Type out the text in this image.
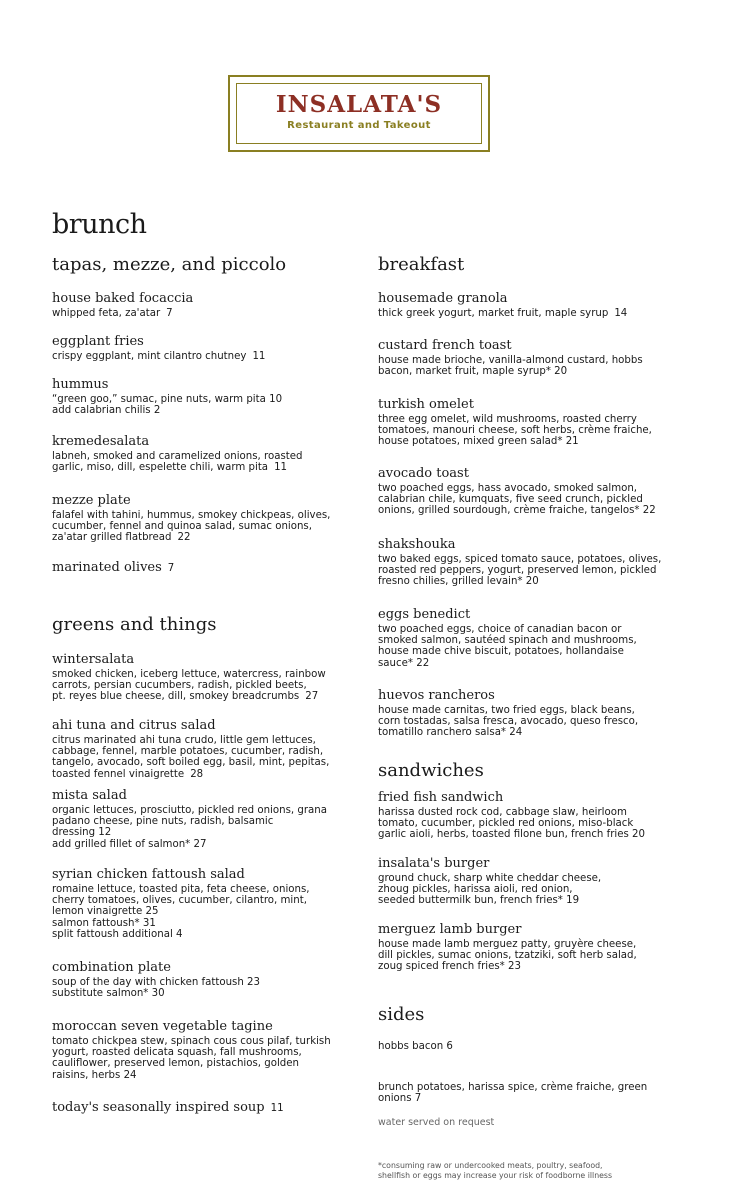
INSALATA'S
Restaurant and Takeout
brunch
tapas, mezze, and piccolo
house baked focaccia
whipped feta, za'atar 7
eggplant fries
crispy eggplant, mint cilantro chutney 11
hummus
“green goo,” sumac, pine nuts, warm pita 10
add calabrian chilis 2
kremedesalata
labneh, smoked and caramelized onions, roasted
garlic, miso, dill, espelette chili, warm pita 11
mezze plate
falafel with tahini, hummus, smokey chickpeas, olives,
cucumber, fennel and quinoa salad, sumac onions,
za'atar grilled flatbread 22
marinated olives 7
greens and things
wintersalata
smoked chicken, iceberg lettuce, watercress, rainbow
carrots, persian cucumbers, radish, pickled beets,
pt. reyes blue cheese, dill, smokey breadcrumbs 27
ahi tuna and citrus salad
citrus marinated ahi tuna crudo, little gem lettuces,
cabbage, fennel, marble potatoes, cucumber, radish,
tangelo, avocado, soft boiled egg, basil, mint, pepitas,
toasted fennel vinaigrette 28
mista salad
organic lettuces, prosciutto, pickled red onions, grana
padano cheese, pine nuts, radish, balsamic
dressing 12
add grilled fillet of salmon* 27
syrian chicken fattoush salad
romaine lettuce, toasted pita, feta cheese, onions,
cherry tomatoes, olives, cucumber, cilantro, mint,
lemon vinaigrette 25
salmon fattoush* 31
split fattoush additional 4
combination plate
soup of the day with chicken fattoush 23
substitute salmon* 30
moroccan seven vegetable tagine
tomato chickpea stew, spinach cous cous pilaf, turkish
yogurt, roasted delicata squash, fall mushrooms,
cauliflower, preserved lemon, pistachios, golden
raisins, herbs 24
today's seasonally inspired soup 11
breakfast
housemade granola
thick greek yogurt, market fruit, maple syrup 14
custard french toast
house made brioche, vanilla-almond custard, hobbs
bacon, market fruit, maple syrup* 20
turkish omelet
three egg omelet, wild mushrooms, roasted cherry
tomatoes, manouri cheese, soft herbs, crème fraiche,
house potatoes, mixed green salad* 21
avocado toast
two poached eggs, hass avocado, smoked salmon,
calabrian chile, kumquats, five seed crunch, pickled
onions, grilled sourdough, crème fraiche, tangelos* 22
shakshouka
two baked eggs, spiced tomato sauce, potatoes, olives,
roasted red peppers, yogurt, preserved lemon, pickled
fresno chilies, grilled levain* 20
eggs benedict
two poached eggs, choice of canadian bacon or
smoked salmon, sautéed spinach and mushrooms,
house made chive biscuit, potatoes, hollandaise
sauce* 22
huevos rancheros
house made carnitas, two fried eggs, black beans,
corn tostadas, salsa fresca, avocado, queso fresco,
tomatillo ranchero salsa* 24
sandwiches
fried fish sandwich
harissa dusted rock cod, cabbage slaw, heirloom
tomato, cucumber, pickled red onions, miso-black
garlic aioli, herbs, toasted filone bun, french fries 20
insalata's burger
ground chuck, sharp white cheddar cheese,
zhoug pickles, harissa aioli, red onion,
seeded buttermilk bun, french fries* 19
merguez lamb burger
house made lamb merguez patty, gruyère cheese,
dill pickles, sumac onions, tzatziki, soft herb salad,
zoug spiced french fries* 23
sides
hobbs bacon 6
brunch potatoes, harissa spice, crème fraiche, green
onions 7
water served on request
*consuming raw or undercooked meats, poultry, seafood,
shellfish or eggs may increase your risk of foodborne illness
